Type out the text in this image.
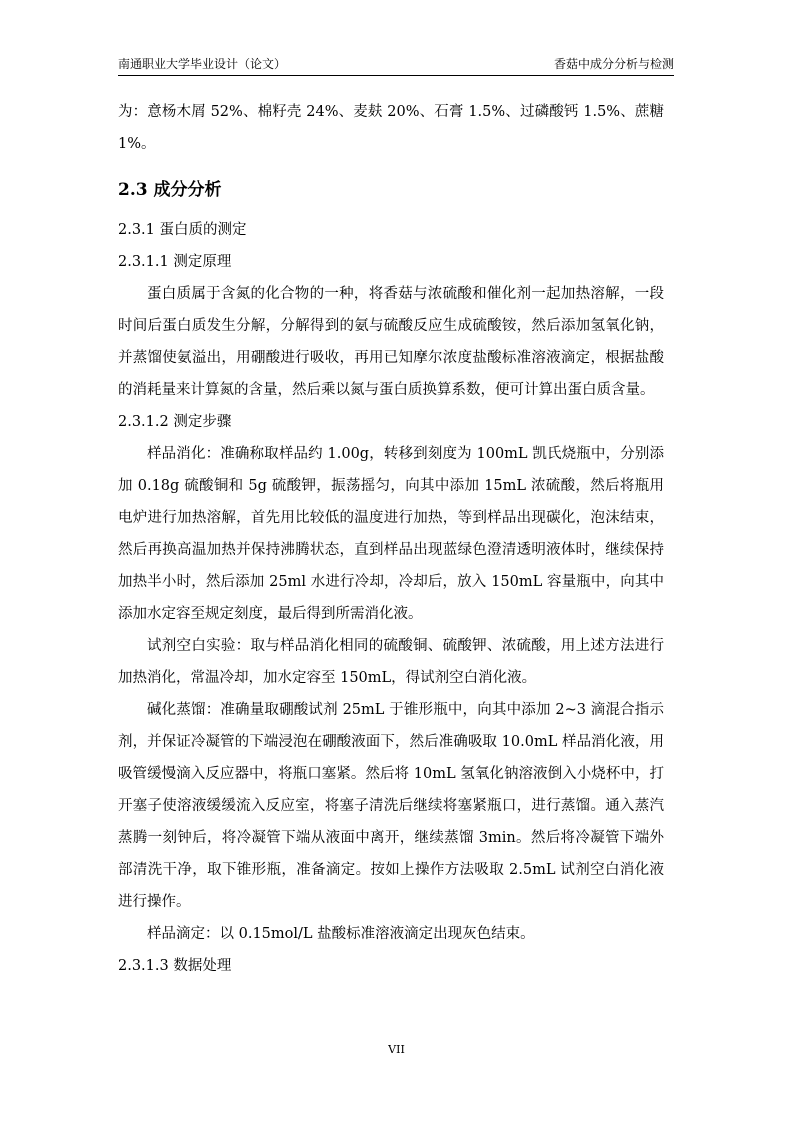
南通职业大学毕业设计（论文）	香菇中成分分析与检测

为：意杨木屑 52%、棉籽壳 24%、麦麸 20%、石膏 1.5%、过磷酸钙 1.5%、蔗糖 1%。

2.3 成分分析
2.3.1 蛋白质的测定
2.3.1.1 测定原理

蛋白质属于含氮的化合物的一种，将香菇与浓硫酸和催化剂一起加热溶解，一段时间后蛋白质发生分解，分解得到的氨与硫酸反应生成硫酸铵，然后添加氢氧化钠，并蒸馏使氨溢出，用硼酸进行吸收，再用已知摩尔浓度盐酸标准溶液滴定，根据盐酸的消耗量来计算氮的含量，然后乘以氮与蛋白质换算系数，便可计算出蛋白质含量。

2.3.1.2 测定步骤

样品消化：准确称取样品约 1.00g，转移到刻度为 100mL 凯氏烧瓶中，分别添加 0.18g 硫酸铜和 5g 硫酸钾，振荡摇匀，向其中添加 15mL 浓硫酸，然后将瓶用电炉进行加热溶解，首先用比较低的温度进行加热，等到样品出现碳化，泡沫结束，然后再换高温加热并保持沸腾状态，直到样品出现蓝绿色澄清透明液体时，继续保持加热半小时，然后添加 25ml 水进行冷却，冷却后，放入 150mL 容量瓶中，向其中添加水定容至规定刻度，最后得到所需消化液。

试剂空白实验：取与样品消化相同的硫酸铜、硫酸钾、浓硫酸，用上述方法进行加热消化，常温冷却，加水定容至 150mL，得试剂空白消化液。

碱化蒸馏：准确量取硼酸试剂 25mL 于锥形瓶中，向其中添加 2~3 滴混合指示剂，并保证冷凝管的下端浸泡在硼酸液面下，然后准确吸取 10.0mL 样品消化液，用吸管缓慢滴入反应器中，将瓶口塞紧。然后将 10mL 氢氧化钠溶液倒入小烧杯中，打开塞子使溶液缓缓流入反应室，将塞子清洗后继续将塞紧瓶口，进行蒸馏。通入蒸汽蒸腾一刻钟后，将冷凝管下端从液面中离开，继续蒸馏 3min。然后将冷凝管下端外部清洗干净，取下锥形瓶，准备滴定。按如上操作方法吸取 2.5mL 试剂空白消化液进行操作。

样品滴定：以 0.15mol/L 盐酸标准溶液滴定出现灰色结束。

2.3.1.3 数据处理
VII
